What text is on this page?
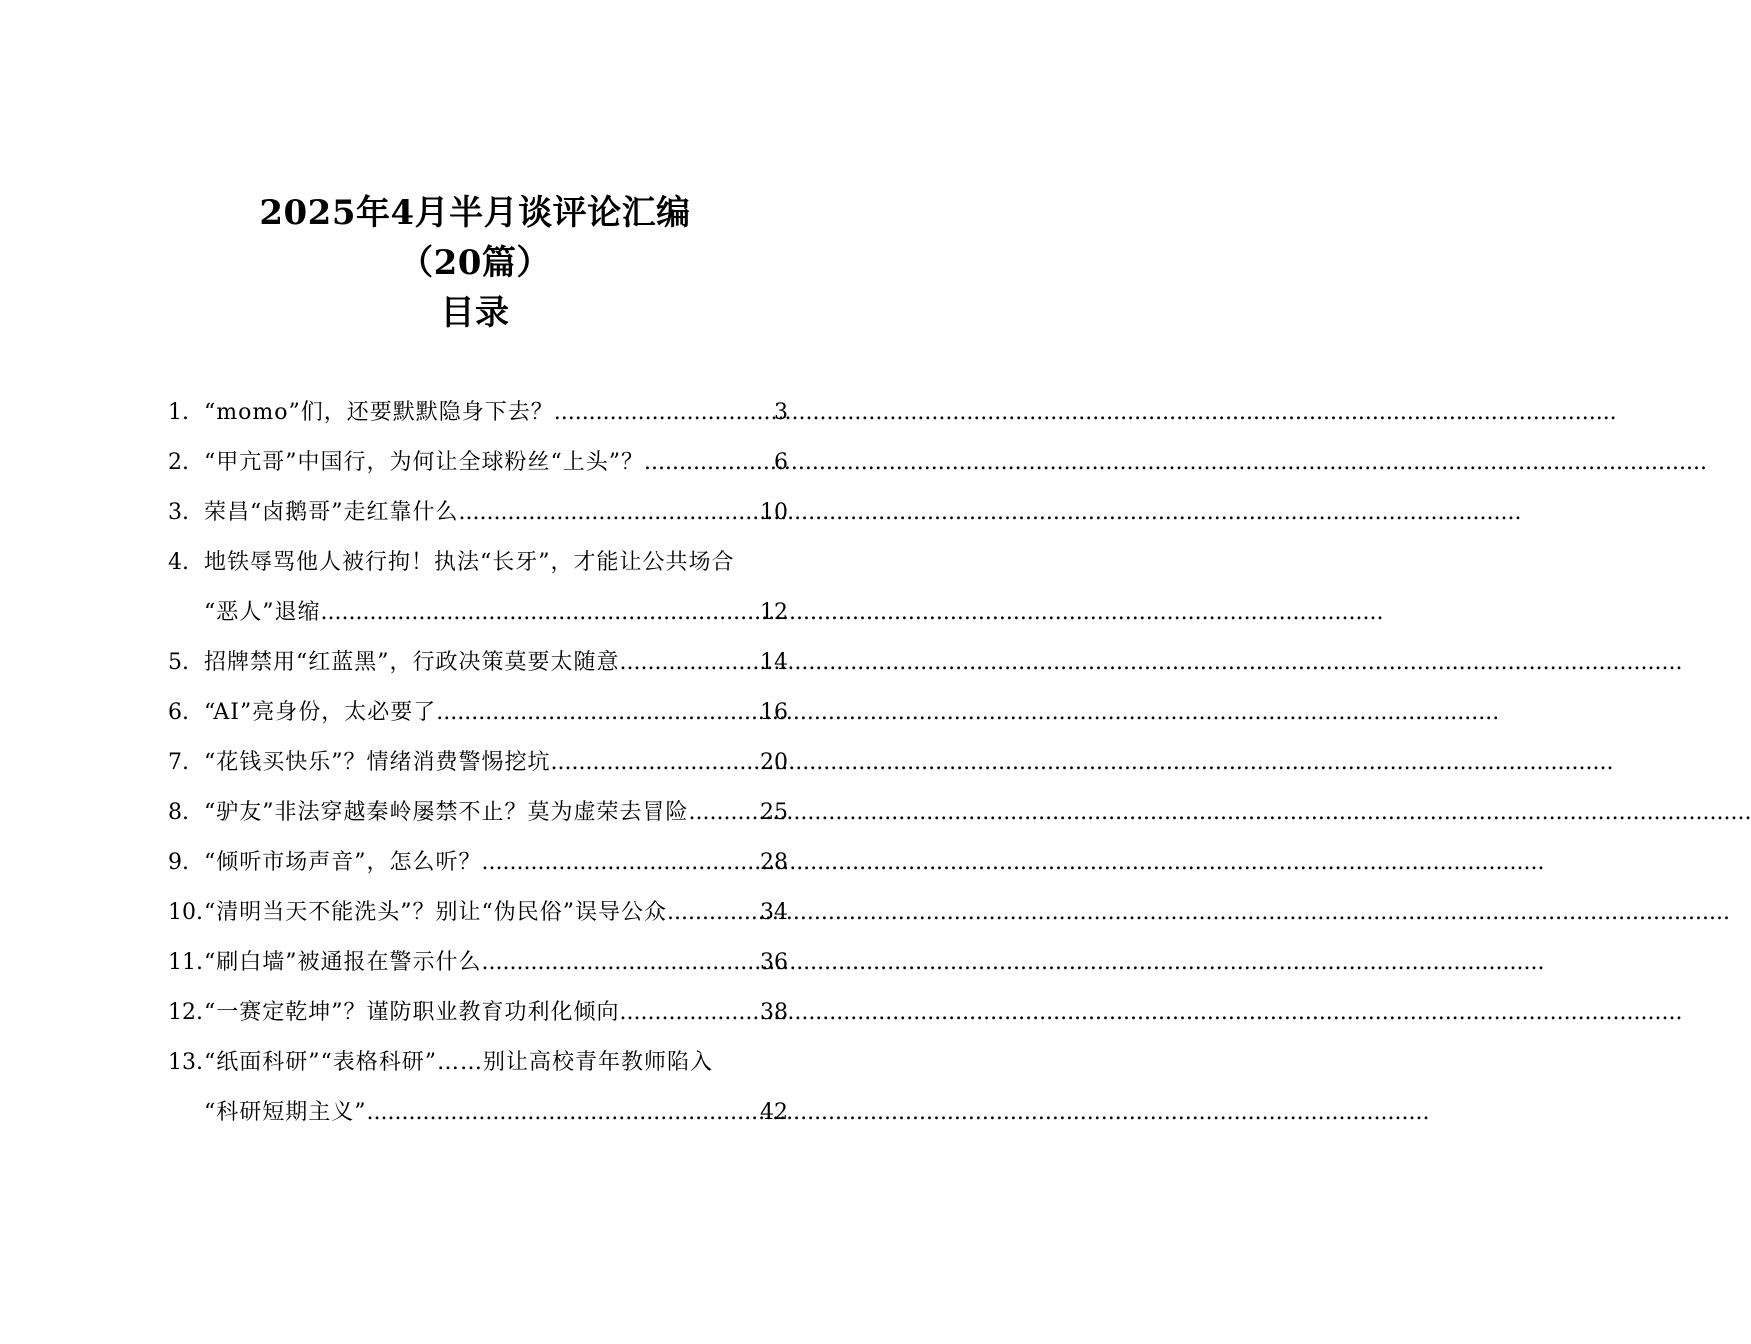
2025年4月半月谈评论汇编
（20篇）
目录
1. “momo”们，还要默默隐身下去？ .....	3
2. “甲亢哥”中国行，为何让全球粉丝“上头”？ .....	6
3. 荣昌“卤鹅哥”走红靠什么 .....	10
4. 地铁辱骂他人被行拘！执法“长牙”，才能让公共场合
“恶人”退缩 .....	12
5. 招牌禁用“红蓝黑”，行政决策莫要太随意 .....	14
6. “AI”亮身份，太必要了 .....	16
7. “花钱买快乐”？情绪消费警惕挖坑 .....	20
8. “驴友”非法穿越秦岭屡禁不止？莫为虚荣去冒险 .....	25
9. “倾听市场声音”，怎么听？ .....	28
10. “清明当天不能洗头”？别让“伪民俗”误导公众 .....	34
11. “刷白墙”被通报在警示什么 .....	36
12. “一赛定乾坤”？谨防职业教育功利化倾向 .....	38
13. “纸面科研”“表格科研”……别让高校青年教师陷入
“科研短期主义” .....	42
